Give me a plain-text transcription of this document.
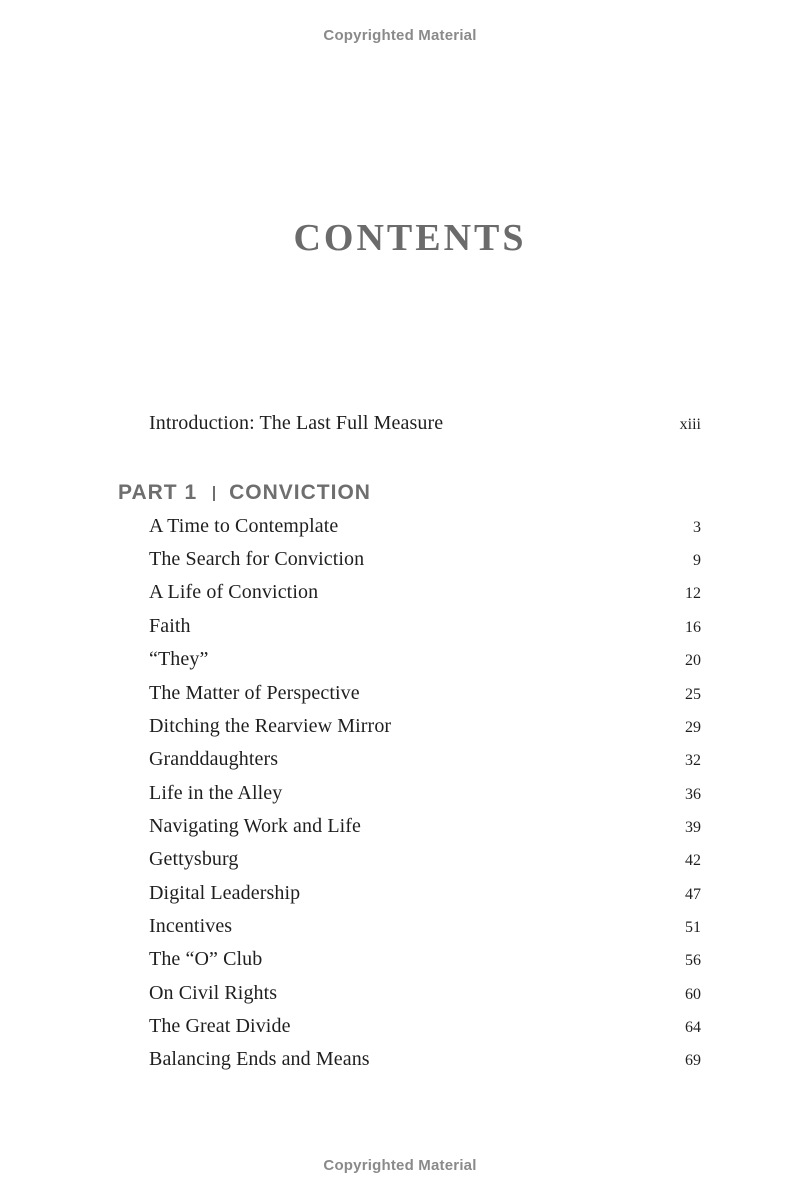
Copyrighted Material
CONTENTS
Introduction: The Last Full Measure	xiii
PART 1 CONVICTION
A Time to Contemplate	3
The Search for Conviction	9
A Life of Conviction	12
Faith	16
“They”	20
The Matter of Perspective	25
Ditching the Rearview Mirror	29
Granddaughters	32
Life in the Alley	36
Navigating Work and Life	39
Gettysburg	42
Digital Leadership	47
Incentives	51
The “O” Club	56
On Civil Rights	60
The Great Divide	64
Balancing Ends and Means	69
Copyrighted Material
